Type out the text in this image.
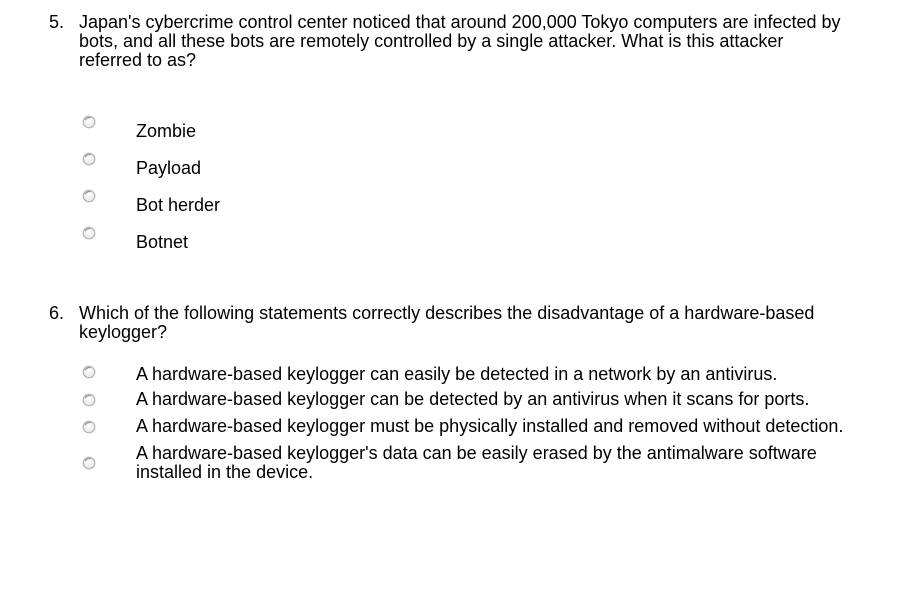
5. Japan's cybercrime control center noticed that around 200,000 Tokyo computers are infected by bots, and all these bots are remotely controlled by a single attacker. What is this attacker referred to as?

Zombie
Payload
Bot herder
Botnet

6. Which of the following statements correctly describes the disadvantage of a hardware-based keylogger?

A hardware-based keylogger can easily be detected in a network by an antivirus.
A hardware-based keylogger can be detected by an antivirus when it scans for ports.
A hardware-based keylogger must be physically installed and removed without detection.
A hardware-based keylogger's data can be easily erased by the antimalware software installed in the device.
